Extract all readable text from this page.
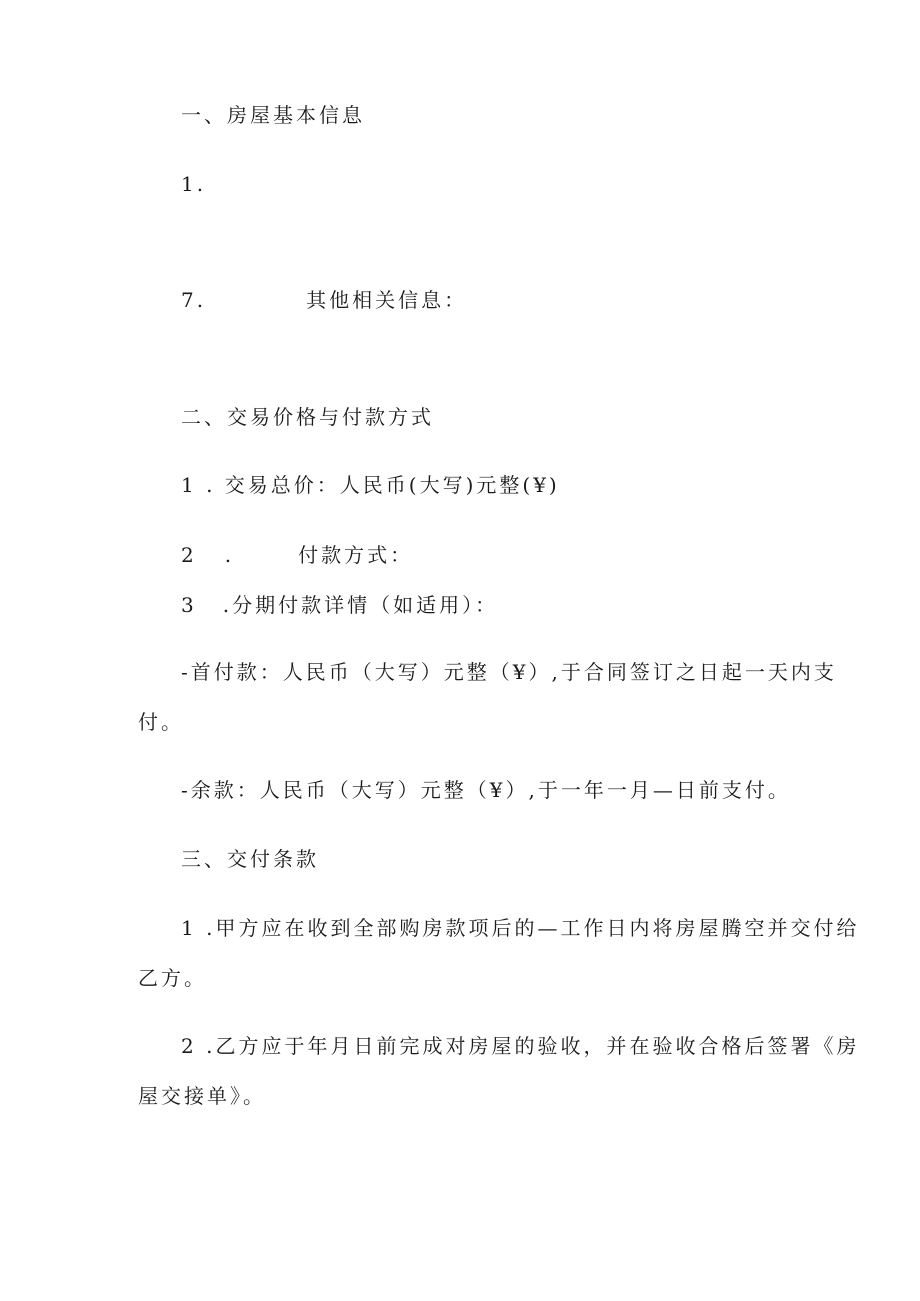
一、房屋基本信息
1.
7.	其他相关信息：
二、交易价格与付款方式
1 . 交易总价：人民币(大写)元整(¥)
2 .	付款方式：
3 .分期付款详情（如适用）：
-首付款：人民币（大写）元整（¥）,于合同签订之日起一天内支
付。
-余款：人民币（大写）元整（¥）,于一年一月—日前支付。
三、交付条款
1 .甲方应在收到全部购房款项后的—工作日内将房屋腾空并交付给
乙方。
2 .乙方应于年月日前完成对房屋的验收，并在验收合格后签署《房
屋交接单》。
